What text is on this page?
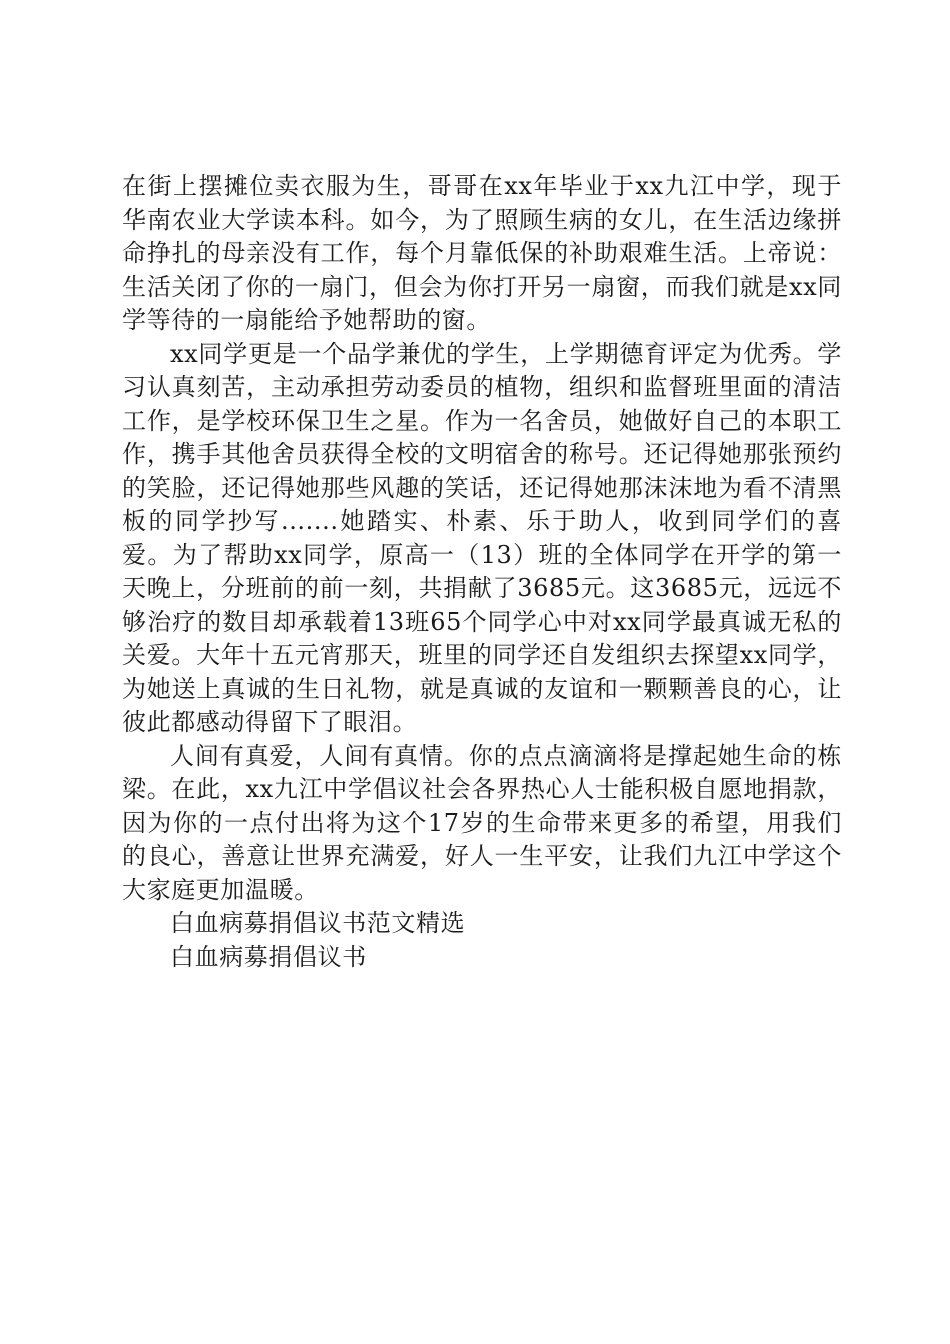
在街上摆摊位卖衣服为生，哥哥在xx年毕业于xx九江中学，现于华南农业大学读本科。如今，为了照顾生病的女儿，在生活边缘拼命挣扎的母亲没有工作，每个月靠低保的补助艰难生活。上帝说：生活关闭了你的一扇门，但会为你打开另一扇窗，而我们就是xx同学等待的一扇能给予她帮助的窗。

xx同学更是一个品学兼优的学生，上学期德育评定为优秀。学习认真刻苦，主动承担劳动委员的植物，组织和监督班里面的清洁工作，是学校环保卫生之星。作为一名舍员，她做好自己的本职工作，携手其他舍员获得全校的文明宿舍的称号。还记得她那张预约的笑脸，还记得她那些风趣的笑话，还记得她那沫沫地为看不清黑板的同学抄写.......她踏实、朴素、乐于助人，收到同学们的喜爱。为了帮助xx同学，原高一（13）班的全体同学在开学的第一天晚上，分班前的前一刻，共捐献了3685元。这3685元，远远不够治疗的数目却承载着13班65个同学心中对xx同学最真诚无私的关爱。大年十五元宵那天，班里的同学还自发组织去探望xx同学，为她送上真诚的生日礼物，就是真诚的友谊和一颗颗善良的心，让彼此都感动得留下了眼泪。

人间有真爱，人间有真情。你的点点滴滴将是撑起她生命的栋梁。在此，xx九江中学倡议社会各界热心人士能积极自愿地捐款，因为你的一点付出将为这个17岁的生命带来更多的希望，用我们的良心，善意让世界充满爱，好人一生平安，让我们九江中学这个大家庭更加温暖。

白血病募捐倡议书范文精选

白血病募捐倡议书
